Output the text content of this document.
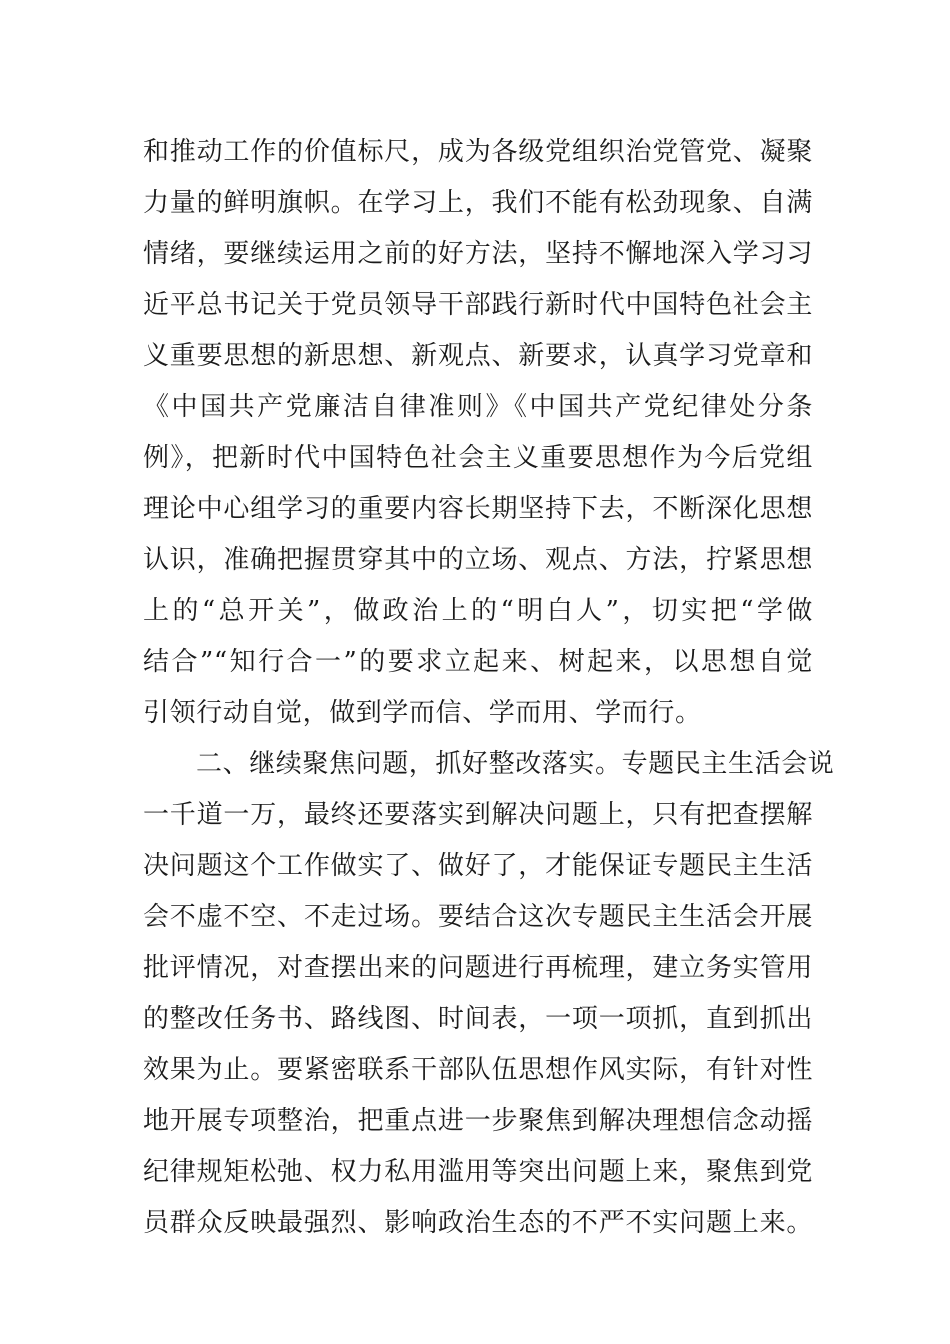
和推动工作的价值标尺，成为各级党组织治党管党、凝聚
力量的鲜明旗帜。在学习上，我们不能有松劲现象、自满
情绪，要继续运用之前的好方法，坚持不懈地深入学习习
近平总书记关于党员领导干部践行新时代中国特色社会主
义重要思想的新思想、新观点、新要求，认真学习党章和
《中国共产党廉洁自律准则》《中国共产党纪律处分条
例》，把新时代中国特色社会主义重要思想作为今后党组
理论中心组学习的重要内容长期坚持下去，不断深化思想
认识，准确把握贯穿其中的立场、观点、方法，拧紧思想
上的“总开关”，做政治上的“明白人”，切实把“学做
结合”“知行合一”的要求立起来、树起来，以思想自觉
引领行动自觉，做到学而信、学而用、学而行。
二、继续聚焦问题，抓好整改落实。专题民主生活会说
一千道一万，最终还要落实到解决问题上，只有把查摆解
决问题这个工作做实了、做好了，才能保证专题民主生活
会不虚不空、不走过场。要结合这次专题民主生活会开展
批评情况，对查摆出来的问题进行再梳理，建立务实管用
的整改任务书、路线图、时间表，一项一项抓，直到抓出
效果为止。要紧密联系干部队伍思想作风实际，有针对性
地开展专项整治，把重点进一步聚焦到解决理想信念动摇
纪律规矩松弛、权力私用滥用等突出问题上来，聚焦到党
员群众反映最强烈、影响政治生态的不严不实问题上来。
